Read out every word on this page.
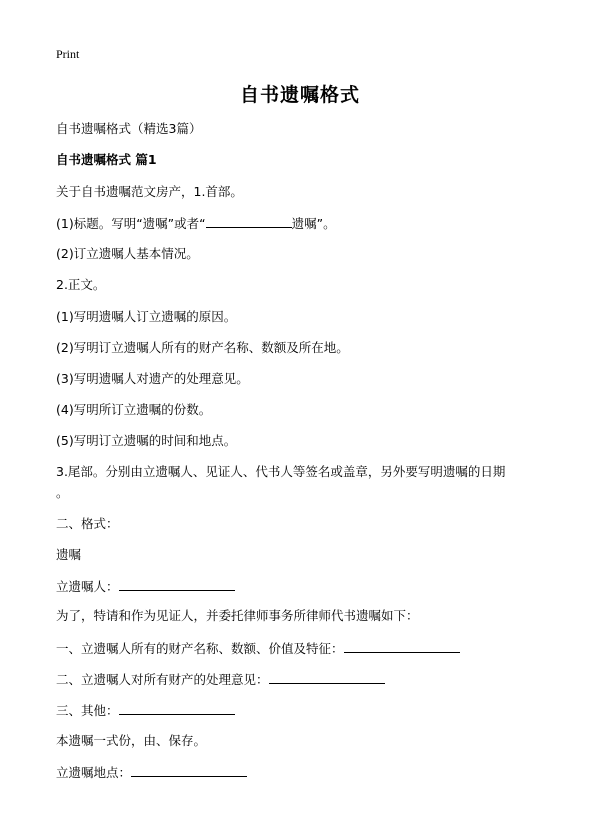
Print
自书遗嘱格式
自书遗嘱格式（精选3篇）
自书遗嘱格式 篇1
关于自书遗嘱范文房产，1.首部。
(1)标题。写明“遗嘱”或者“	遗嘱”。
(2)订立遗嘱人基本情况。
2.正文。
(1)写明遗嘱人订立遗嘱的原因。
(2)写明订立遗嘱人所有的财产名称、数额及所在地。
(3)写明遗嘱人对遗产的处理意见。
(4)写明所订立遗嘱的份数。
(5)写明订立遗嘱的时间和地点。
3.尾部。分别由立遗嘱人、见证人、代书人等签名或盖章，另外要写明遗嘱的日期
。
二、格式：
遗嘱
立遗嘱人：
为了，特请和作为见证人，并委托律师事务所律师代书遗嘱如下：
一、立遗嘱人所有的财产名称、数额、价值及特征：
二、立遗嘱人对所有财产的处理意见：
三、其他：
本遗嘱一式份，由、保存。
立遗嘱地点：
